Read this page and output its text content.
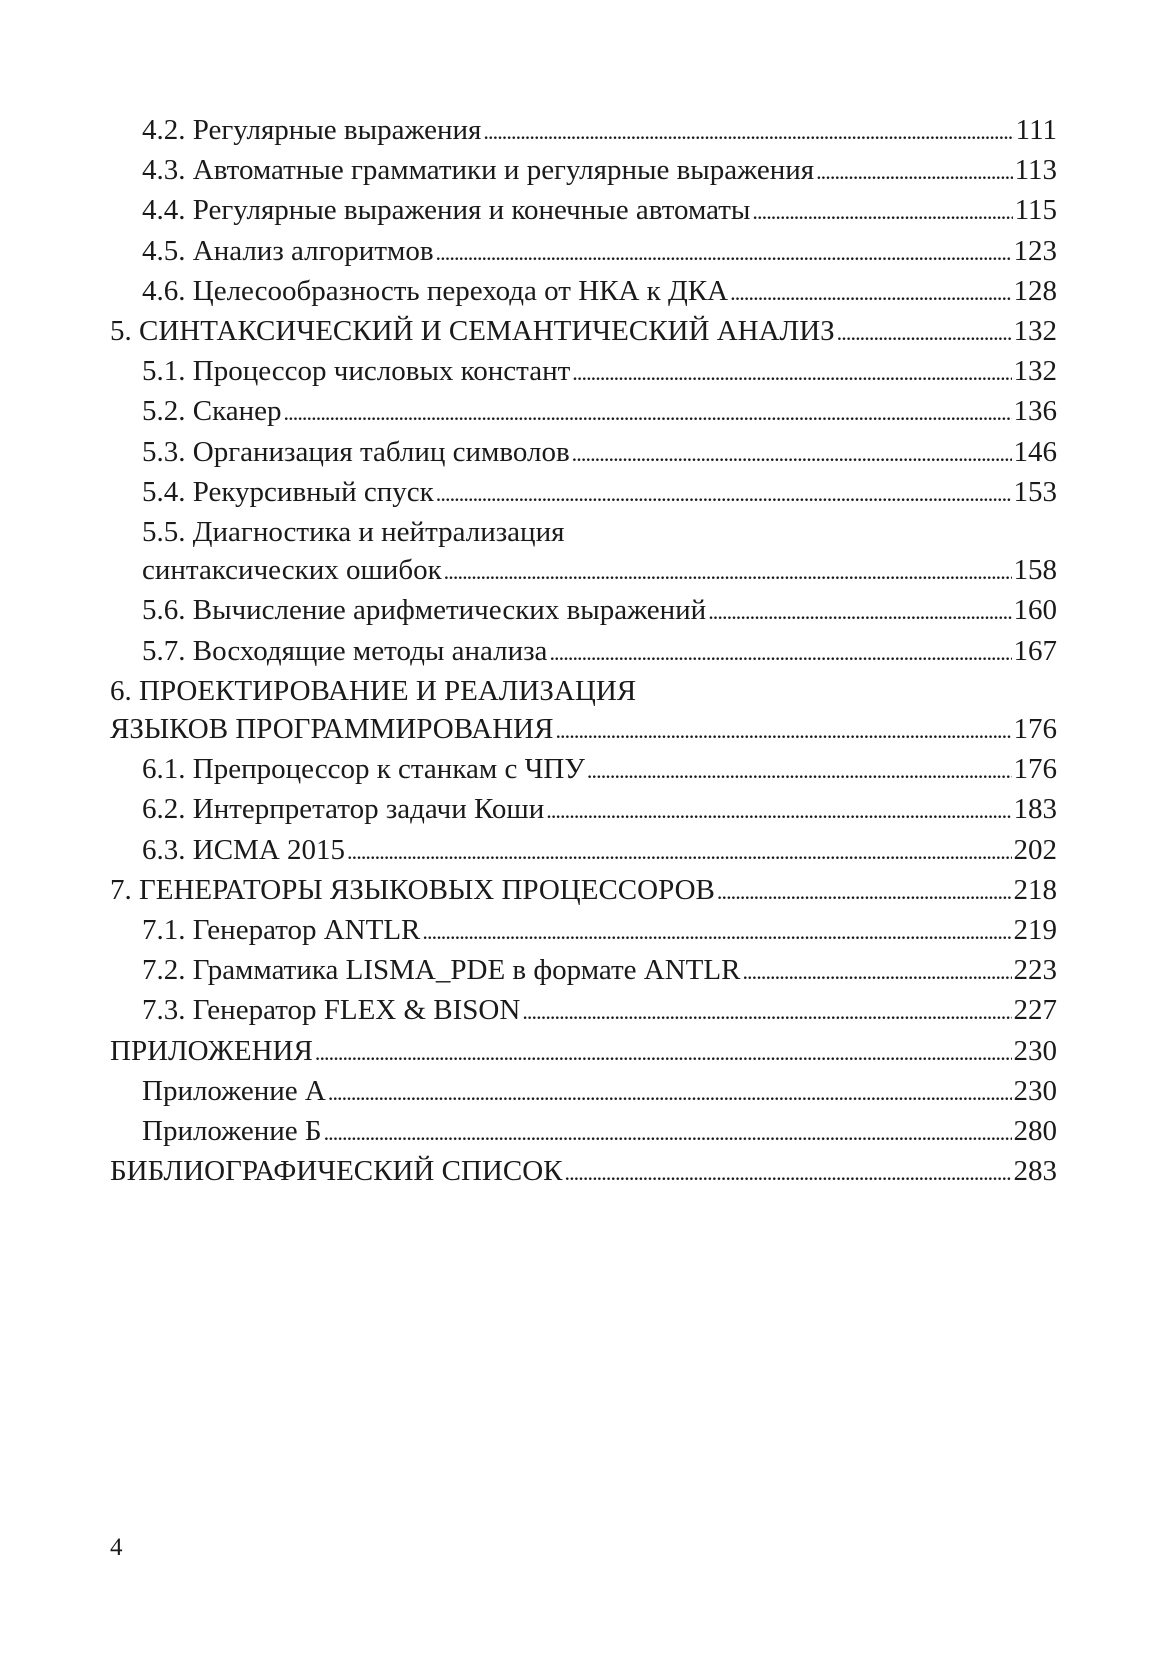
4.2. Регулярные выражения . . .	111
4.3. Автоматные грамматики и регулярные выражения . . .	113
4.4. Регулярные выражения и конечные автоматы . . .	115
4.5. Анализ алгоритмов . . .	123
4.6. Целесообразность перехода от НКА к ДКА . . .	128
5. СИНТАКСИЧЕСКИЙ И СЕМАНТИЧЕСКИЙ АНАЛИЗ . . .	132
5.1. Процессор числовых констант . . .	132
5.2. Сканер . . .	136
5.3. Организация таблиц символов . . .	146
5.4. Рекурсивный спуск . . .	153
5.5. Диагностика и нейтрализация
синтаксических ошибок . . .	158
5.6. Вычисление арифметических выражений . . .	160
5.7. Восходящие методы анализа . . .	167
6. ПРОЕКТИРОВАНИЕ И РЕАЛИЗАЦИЯ
ЯЗЫКОВ ПРОГРАММИРОВАНИЯ . . .	176
6.1. Препроцессор к станкам с ЧПУ . . .	176
6.2. Интерпретатор задачи Коши . . .	183
6.3. ИСМА 2015 . . .	202
7. ГЕНЕРАТОРЫ ЯЗЫКОВЫХ ПРОЦЕССОРОВ . . .	218
7.1. Генератор ANTLR . . .	219
7.2. Грамматика LISMA_PDE в формате ANTLR . . .	223
7.3. Генератор FLEX & BISON . . .	227
ПРИЛОЖЕНИЯ . . .	230
Приложение А . . .	230
Приложение Б . . .	280
БИБЛИОГРАФИЧЕСКИЙ СПИСОК . . .	283
4
